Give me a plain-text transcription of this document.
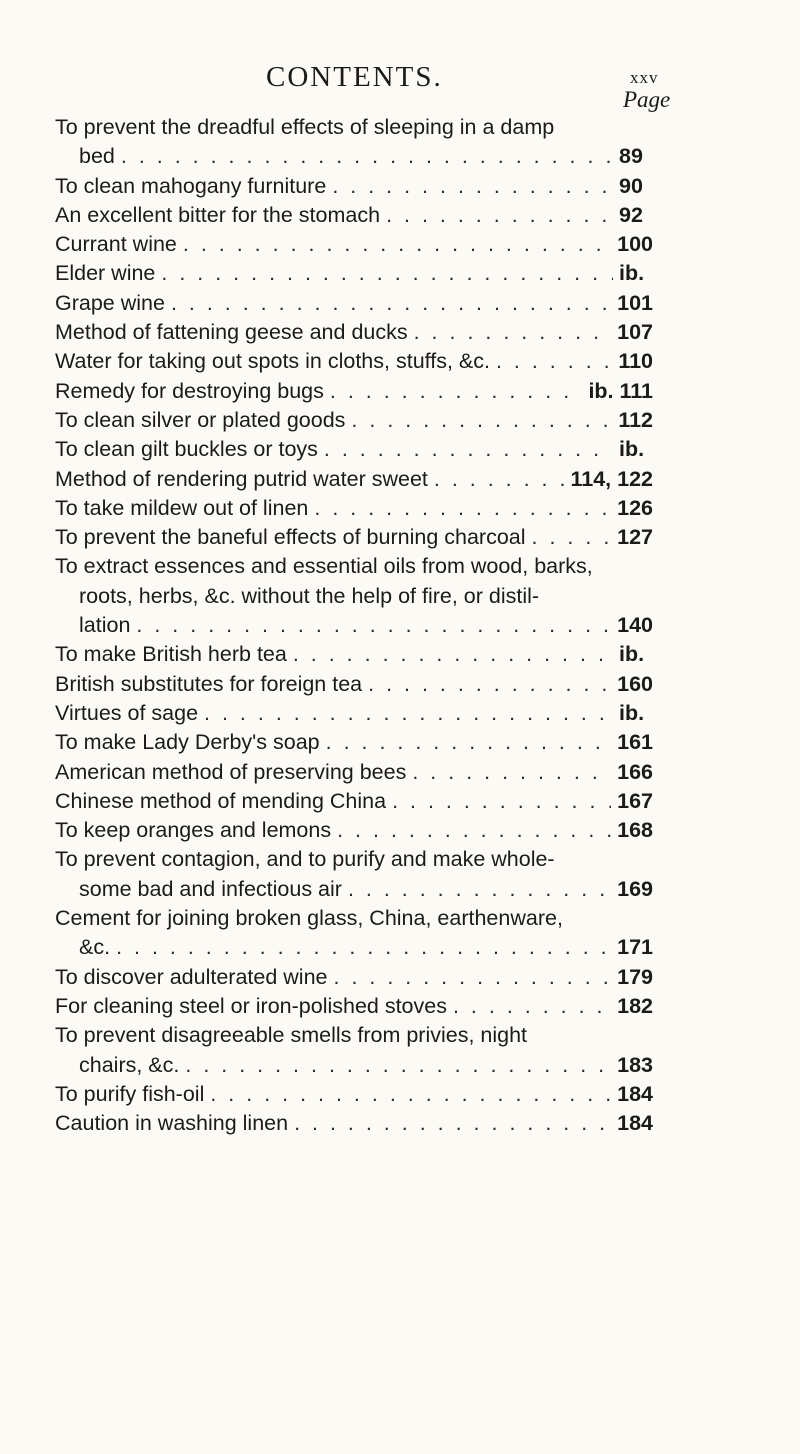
CONTENTS.	xxv
Page
To prevent the dreadful effects of sleeping in a damp
bed . . .	89
To clean mahogany furniture . . .	90
An excellent bitter for the stomach . . .	92
Currant wine . . .	100
Elder wine . . .	ib.
Grape wine . . .	101
Method of fattening geese and ducks . . .	107
Water for taking out spots in cloths, stuffs, &c. . . .	110
Remedy for destroying bugs . . .	ib. 111
To clean silver or plated goods . . .	112
To clean gilt buckles or toys . . .	ib.
Method of rendering putrid water sweet . . .	114, 122
To take mildew out of linen . . .	126
To prevent the baneful effects of burning charcoal . . .	127
To extract essences and essential oils from wood, barks,
roots, herbs, &c. without the help of fire, or distil-
lation . . .	140
To make British herb tea . . .	ib.
British substitutes for foreign tea . . .	160
Virtues of sage . . .	ib.
To make Lady Derby's soap . . .	161
American method of preserving bees . . .	166
Chinese method of mending China . . .	167
To keep oranges and lemons . . .	168
To prevent contagion, and to purify and make whole-
some bad and infectious air . . .	169
Cement for joining broken glass, China, earthenware,
&c. . . .	171
To discover adulterated wine . . .	179
For cleaning steel or iron-polished stoves . . .	182
To prevent disagreeable smells from privies, night
chairs, &c. . . .	183
To purify fish-oil . . .	184
Caution in washing linen . . .	184
